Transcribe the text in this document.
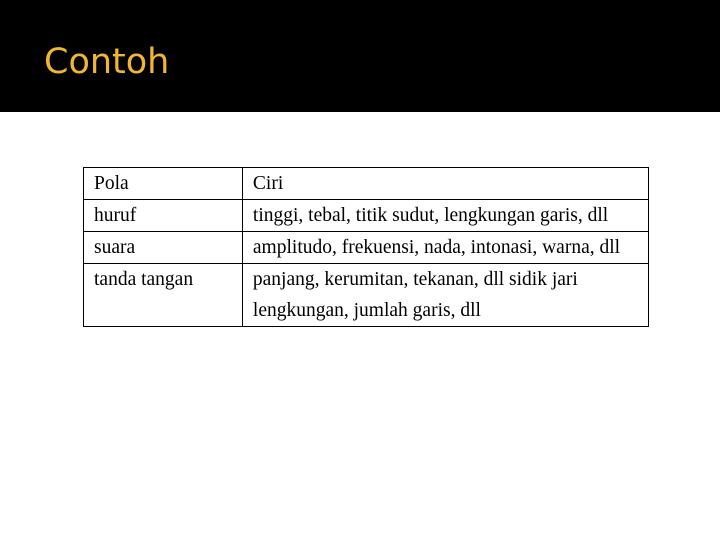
Contoh
Pola	Ciri

huruf	tinggi, tebal, titik sudut, lengkungan garis, dll

suara	amplitudo, frekuensi, nada, intonasi, warna, dll

tanda tangan	panjang, kerumitan, tekanan, dll sidik jari lengkungan, jumlah garis, dll
